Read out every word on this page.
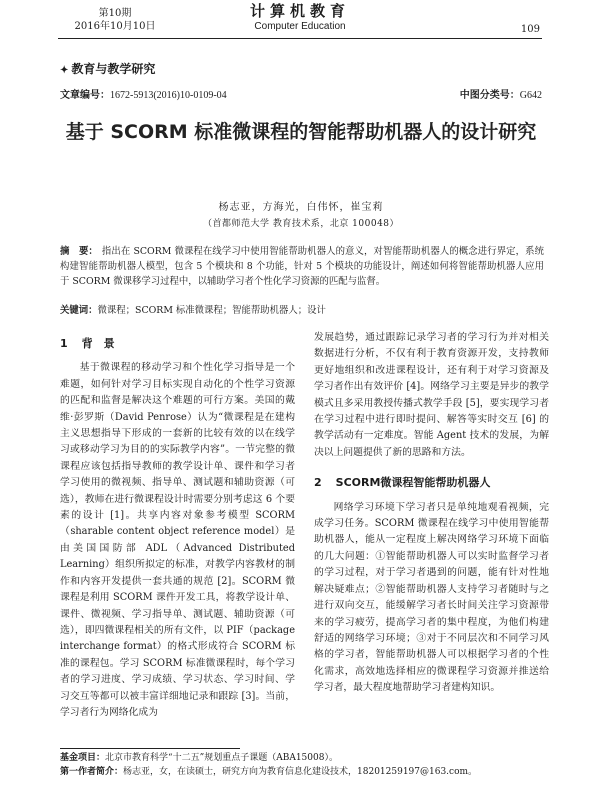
第10期
2016年10月10日
计算机教育
Computer Education	109
✦ 教育与教学研究
文章编号：1672-5913(2016)10-0109-04	中图分类号：G642
基于 SCORM 标准微课程的智能帮助机器人的设计研究
杨志亚，方海光，白伟怀，崔宝莉
（首都师范大学 教育技术系，北京 100048）
摘　要： 指出在 SCORM 微课程在线学习中使用智能帮助机器人的意义，对智能帮助机器人的概念进行界定，系统构建智能帮助机器人模型，包含 5 个模块和 8 个功能，针对 5 个模块的功能设计，阐述如何将智能帮助机器人应用于 SCORM 微课移学习过程中，以辅助学习者个性化学习资源的匹配与监督。
关键词：微课程；SCORM 标准微课程；智能帮助机器人；设计
1 背　景

基于微课程的移动学习和个性化学习指导是一个难题，如何针对学习目标实现自动化的个性学习资源的匹配和监督是解决这个难题的可行方案。美国的戴维·彭罗斯（David Penrose）认为“微课程是在建构主义思想指导下形成的一套新的比较有效的以在线学习或移动学习为目的的实际教学内容”。一节完整的微课程应该包括指导教师的教学设计单、课件和学习者学习使用的微视频、指导单、测试题和辅助资源（可选），教师在进行微课程设计时需要分别考虑这 6 个要素的设计 [1]。共享内容对象参考模型 SCORM（sharable content object reference model）是由美国国防部 ADL（Advanced Distributed Learning）组织所拟定的标准，对教学内容教材的制作和内容开发提供一套共通的规范 [2]。SCORM 微课程是利用 SCORM 课件开发工具，将教学设计单、课件、微视频、学习指导单、测试题、辅助资源（可选），即四微课程相关的所有文件，以 PIF（package interchange format）的格式形成符合 SCORM 标准的课程包。学习 SCORM 标准微课程时，每个学习者的学习进度、学习成绩、学习状态、学习时间、学习交互等都可以被丰富详细地记录和跟踪 [3]。当前，学习者行为网络化成为

发展趋势，通过跟踪记录学习者的学习行为并对相关数据进行分析，不仅有利于教育资源开发，支持教师更好地组织和改进课程设计，还有利于对学习资源及学习者作出有效评价 [4]。网络学习主要是异步的教学模式且多采用教授传播式教学手段 [5]，要实现学习者在学习过程中进行即时提问、解答等实时交互 [6] 的教学活动有一定难度。智能 Agent 技术的发展，为解决以上问题提供了新的思路和方法。

2 SCORM微课程智能帮助机器人

网络学习环境下学习者只是单纯地观看视频，完成学习任务。SCORM 微课程在线学习中使用智能帮助机器人，能从一定程度上解决网络学习环境下面临的几大问题：①智能帮助机器人可以实时监督学习者的学习过程，对于学习者遇到的问题，能有针对性地解决疑难点；②智能帮助机器人支持学习者随时与之进行双向交互，能缓解学习者长时间关注学习资源带来的学习疲劳，提高学习者的集中程度，为他们构建舒适的网络学习环境；③对于不同层次和不同学习风格的学习者，智能帮助机器人可以根据学习者的个性化需求，高效地选择相应的微课程学习资源并推送给学习者，最大程度地帮助学习者建构知识。

基金项目：北京市教育科学“十二五”规划重点子课题（ABA15008）。
第一作者简介：杨志亚，女，在读硕士，研究方向为教育信息化建设技术，18201259197@163.com。
